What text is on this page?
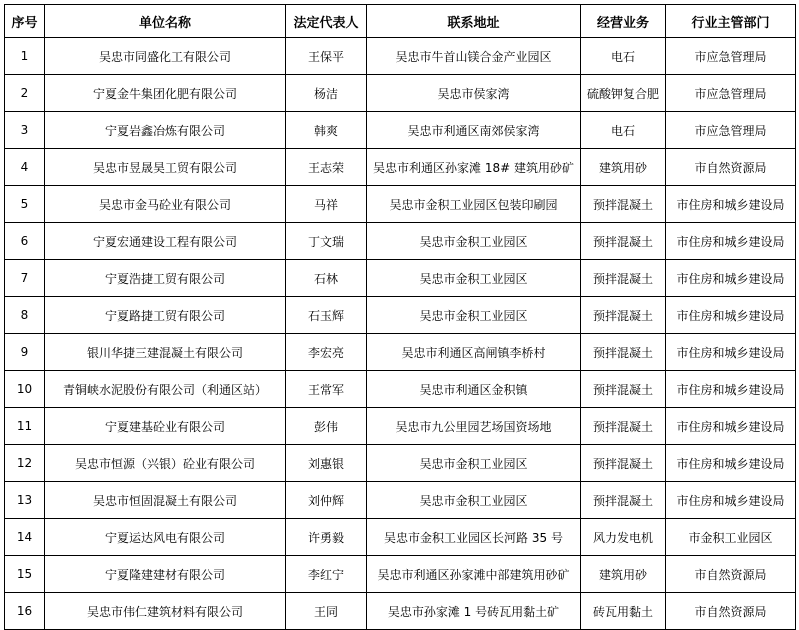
序号	单位名称	法定代表人	联系地址	经营业务	行业主管部门
1	吴忠市同盛化工有限公司	王保平	吴忠市牛首山镁合金产业园区	电石	市应急管理局
2	宁夏金牛集团化肥有限公司	杨洁	吴忠市侯家湾	硫酸钾复合肥	市应急管理局
3	宁夏岩鑫冶炼有限公司	韩爽	吴忠市利通区南郊侯家湾	电石	市应急管理局
4	吴忠市昱晟昊工贸有限公司	王志荣	吴忠市利通区孙家滩 18# 建筑用砂矿	建筑用砂	市自然资源局
5	吴忠市金马砼业有限公司	马祥	吴忠市金积工业园区包装印刷园	预拌混凝土	市住房和城乡建设局
6	宁夏宏通建设工程有限公司	丁文瑞	吴忠市金积工业园区	预拌混凝土	市住房和城乡建设局
7	宁夏浩捷工贸有限公司	石林	吴忠市金积工业园区	预拌混凝土	市住房和城乡建设局
8	宁夏路捷工贸有限公司	石玉辉	吴忠市金积工业园区	预拌混凝土	市住房和城乡建设局
9	银川华捷三建混凝土有限公司	李宏亮	吴忠市利通区高闸镇李桥村	预拌混凝土	市住房和城乡建设局
10	青铜峡水泥股份有限公司（利通区站）	王常军	吴忠市利通区金积镇	预拌混凝土	市住房和城乡建设局
11	宁夏建基砼业有限公司	彭伟	吴忠市九公里园艺场国资场地	预拌混凝土	市住房和城乡建设局
12	吴忠市恒源（兴银）砼业有限公司	刘惠银	吴忠市金积工业园区	预拌混凝土	市住房和城乡建设局
13	吴忠市恒固混凝土有限公司	刘仲辉	吴忠市金积工业园区	预拌混凝土	市住房和城乡建设局
14	宁夏运达风电有限公司	许勇毅	吴忠市金积工业园区长河路 35 号	风力发电机	市金积工业园区
15	宁夏隆建建材有限公司	李红宁	吴忠市利通区孙家滩中部建筑用砂矿	建筑用砂	市自然资源局
16	吴忠市伟仁建筑材料有限公司	王同	吴忠市孙家滩 1 号砖瓦用黏土矿	砖瓦用黏土	市自然资源局
